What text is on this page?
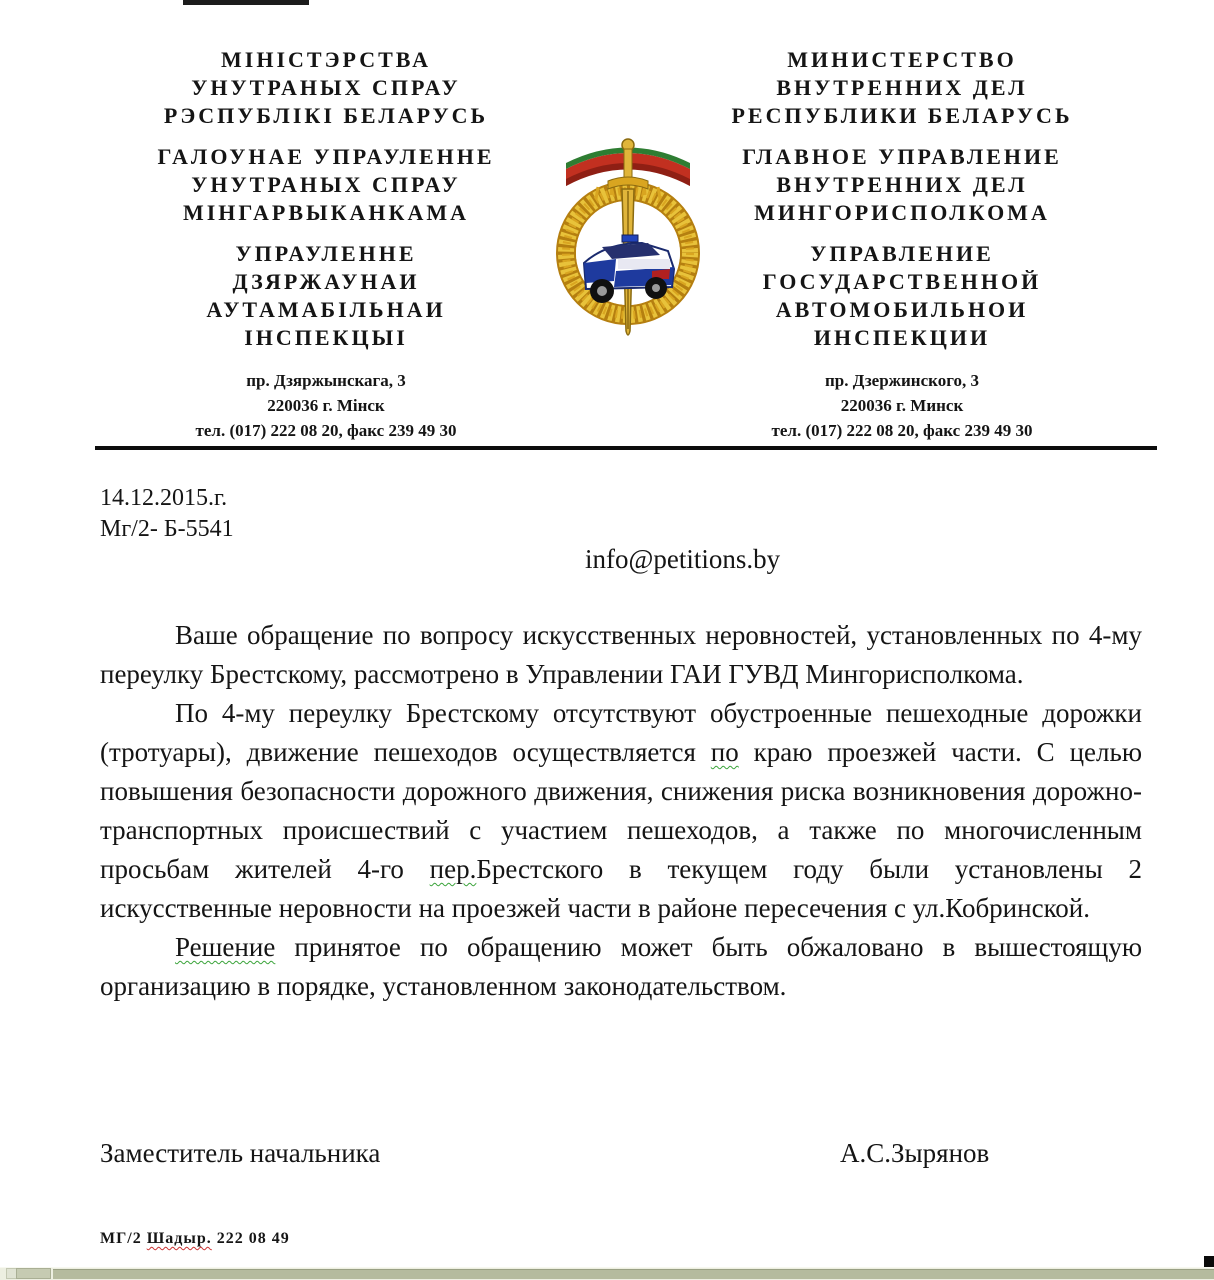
МІНІСТЭРСТВА
УНУТРАНЫХ СПРАУ
РЭСПУБЛІКІ БЕЛАРУСЬ
ГАЛОУНАЕ УПРАУЛЕННЕ
УНУТРАНЫХ СПРАУ
МІНГАРВЫКАНКАМА
УПРАУЛЕННЕ
ДЗЯРЖАУНАИ
АУТАМАБІЛЬНАИ
ІНСПЕКЦЫІ
пр. Дзяржынскага, 3
220036 г. Мінск
тел. (017) 222 08 20, факс 239 49 30
МИНИСТЕРСТВО
ВНУТРЕННИХ ДЕЛ
РЕСПУБЛИКИ БЕЛАРУСЬ
ГЛАВНОЕ УПРАВЛЕНИЕ
ВНУТРЕННИХ ДЕЛ
МИНГОРИСПОЛКОМА
УПРАВЛЕНИЕ
ГОСУДАРСТВЕННОЙ
АВТОМОБИЛЬНОИ
ИНСПЕКЦИИ
пр. Дзержинского, 3
220036 г. Минск
тел. (017) 222 08 20, факс 239 49 30
14.12.2015.г.
Мг/2- Б-5541
info@petitions.by

Ваше обращение по вопросу искусственных неровностей, установленных по 4-му переулку Брестскому, рассмотрено в Управлении ГАИ ГУВД Мингорисполкома.

По 4-му переулку Брестскому отсутствуют обустроенные пешеходные дорожки (тротуары), движение пешеходов осуществляется по краю проезжей части. С целью повышения безопасности дорожного движения, снижения риска возникновения дорожно-транспортных происшествий с участием пешеходов, а также по многочисленным просьбам жителей 4-го пер.Брестского в текущем году были установлены 2 искусственные неровности на проезжей части в районе пересечения с ул.Кобринской.

Решение принятое по обращению может быть обжаловано в вышестоящую организацию в порядке, установленном законодательством.

Заместитель начальника	А.С.Зырянов
МГ/2 Шадыр. 222 08 49
